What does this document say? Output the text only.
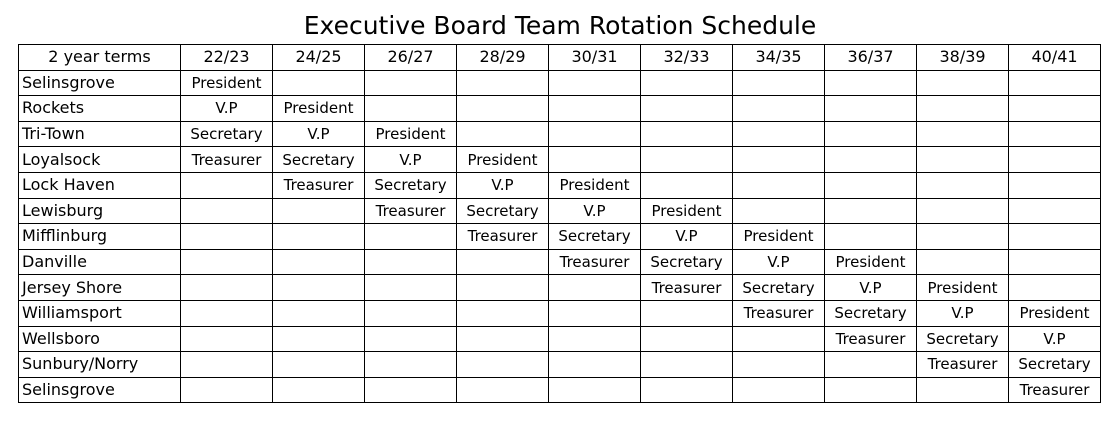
Executive Board Team Rotation Schedule
2 year terms	22/23	24/25	26/27	28/29	30/31	32/33	34/35	36/37	38/39	40/41
Selinsgrove	President									
Rockets	V.P	President								
Tri-Town	Secretary	V.P	President							
Loyalsock	Treasurer	Secretary	V.P	President						
Lock Haven		Treasurer	Secretary	V.P	President					
Lewisburg			Treasurer	Secretary	V.P	President				
Mifflinburg				Treasurer	Secretary	V.P	President			
Danville					Treasurer	Secretary	V.P	President		
Jersey Shore						Treasurer	Secretary	V.P	President	
Williamsport							Treasurer	Secretary	V.P	President
Wellsboro								Treasurer	Secretary	V.P
Sunbury/Norry									Treasurer	Secretary
Selinsgrove										Treasurer
